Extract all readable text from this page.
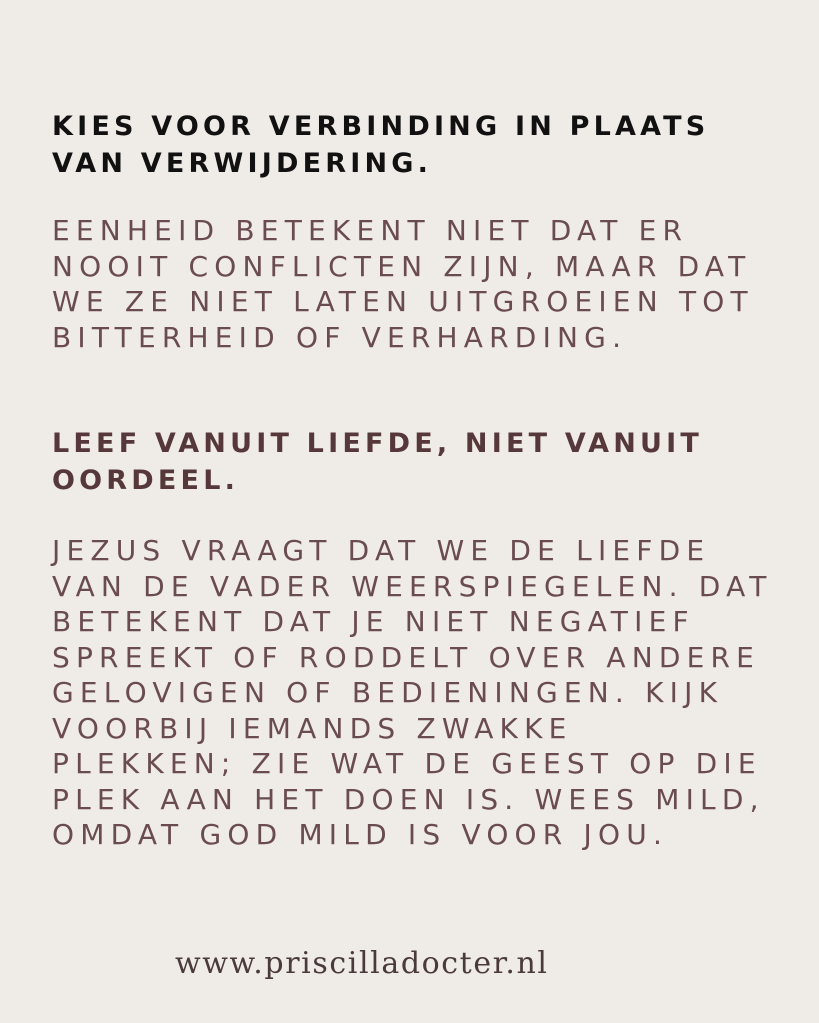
KIES VOOR VERBINDING IN PLAATS
VAN VERWIJDERING.

EENHEID BETEKENT NIET DAT ER
NOOIT CONFLICTEN ZIJN, MAAR DAT
WE ZE NIET LATEN UITGROEIEN TOT
BITTERHEID OF VERHARDING.

LEEF VANUIT LIEFDE, NIET VANUIT
OORDEEL.

JEZUS VRAAGT DAT WE DE LIEFDE
VAN DE VADER WEERSPIEGELEN. DAT
BETEKENT DAT JE NIET NEGATIEF
SPREEKT OF RODDELT OVER ANDERE
GELOVIGEN OF BEDIENINGEN. KIJK
VOORBIJ IEMANDS ZWAKKE
PLEKKEN; ZIE WAT DE GEEST OP DIE
PLEK AAN HET DOEN IS. WEES MILD,
OMDAT GOD MILD IS VOOR JOU.

www.priscilladocter.nl
